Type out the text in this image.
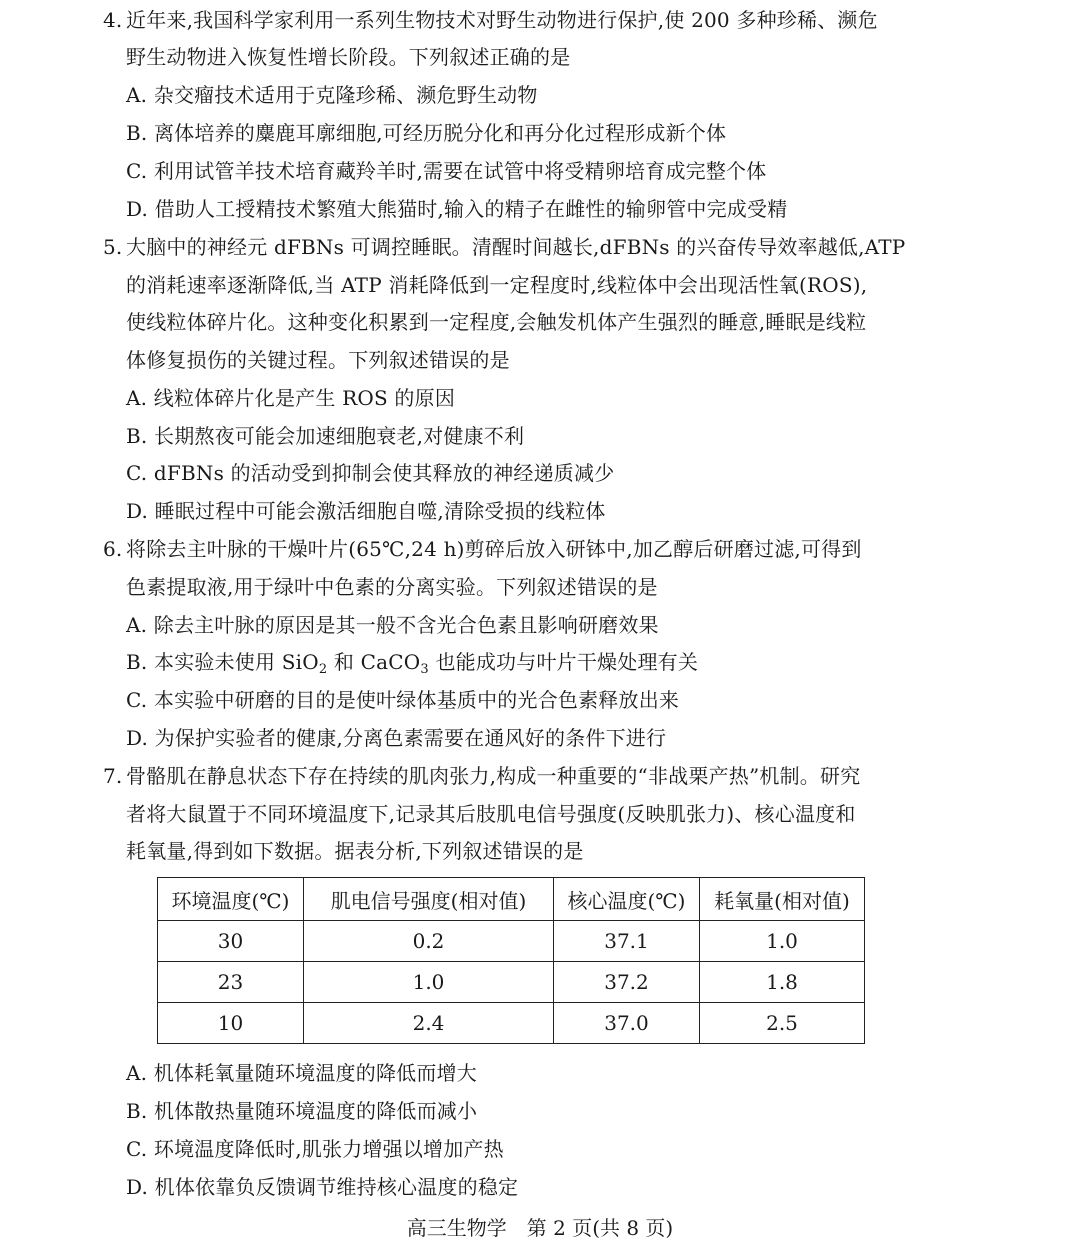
4. 近年来,我国科学家利用一系列生物技术对野生动物进行保护,使 200 多种珍稀、濒危
野生动物进入恢复性增长阶段。下列叙述正确的是
A. 杂交瘤技术适用于克隆珍稀、濒危野生动物
B. 离体培养的麋鹿耳廓细胞,可经历脱分化和再分化过程形成新个体
C. 利用试管羊技术培育藏羚羊时,需要在试管中将受精卵培育成完整个体
D. 借助人工授精技术繁殖大熊猫时,输入的精子在雌性的输卵管中完成受精
5. 大脑中的神经元 dFBNs 可调控睡眠。清醒时间越长,dFBNs 的兴奋传导效率越低,ATP
的消耗速率逐渐降低,当 ATP 消耗降低到一定程度时,线粒体中会出现活性氧(ROS),
使线粒体碎片化。这种变化积累到一定程度,会触发机体产生强烈的睡意,睡眠是线粒
体修复损伤的关键过程。下列叙述错误的是
A. 线粒体碎片化是产生 ROS 的原因
B. 长期熬夜可能会加速细胞衰老,对健康不利
C. dFBNs 的活动受到抑制会使其释放的神经递质减少
D. 睡眠过程中可能会激活细胞自噬,清除受损的线粒体
6. 将除去主叶脉的干燥叶片(65℃,24 h)剪碎后放入研钵中,加乙醇后研磨过滤,可得到
色素提取液,用于绿叶中色素的分离实验。下列叙述错误的是
A. 除去主叶脉的原因是其一般不含光合色素且影响研磨效果
B. 本实验未使用 SiO$_2$ 和 CaCO$_3$ 也能成功与叶片干燥处理有关
C. 本实验中研磨的目的是使叶绿体基质中的光合色素释放出来
D. 为保护实验者的健康,分离色素需要在通风好的条件下进行
7. 骨骼肌在静息状态下存在持续的肌肉张力,构成一种重要的“非战栗产热”机制。研究
者将大鼠置于不同环境温度下,记录其后肢肌电信号强度(反映肌张力)、核心温度和
耗氧量,得到如下数据。据表分析,下列叙述错误的是
环境温度(℃)	肌电信号强度(相对值)	核心温度(℃)	耗氧量(相对值)
30	0.2	37.1	1.0
23	1.0	37.2	1.8
10	2.4	37.0	2.5
A. 机体耗氧量随环境温度的降低而增大
B. 机体散热量随环境温度的降低而减小
C. 环境温度降低时,肌张力增强以增加产热
D. 机体依靠负反馈调节维持核心温度的稳定
高三生物学　第 2 页(共 8 页)
